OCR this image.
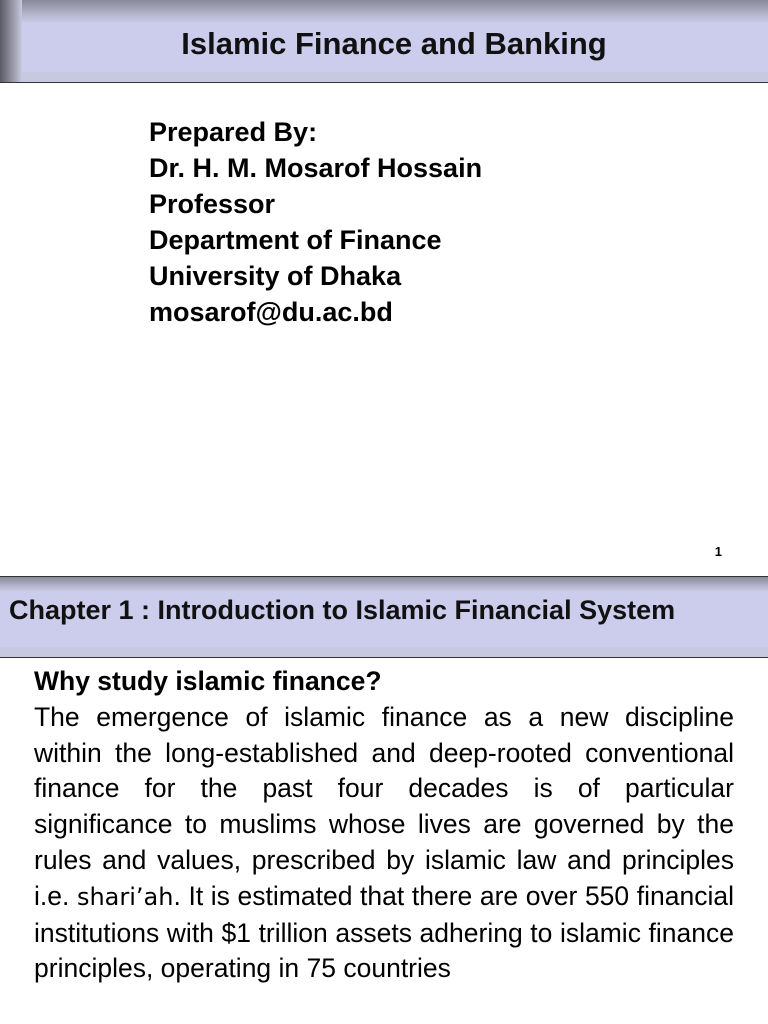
Islamic Finance and Banking
Prepared By:
Dr. H. M. Mosarof Hossain
Professor
Department of Finance
University of Dhaka
mosarof@du.ac.bd
1
Chapter 1 : Introduction to Islamic Financial System

Why study islamic finance?

The emergence of islamic finance as a new discipline within the long-established and deep-rooted conventional finance for the past four decades is of particular significance to muslims whose lives are governed by the rules and values, prescribed by islamic law and principles i.e. shari’ah. It is estimated that there are over 550 financial institutions with $1 trillion assets adhering to islamic finance principles, operating in 75 countries
